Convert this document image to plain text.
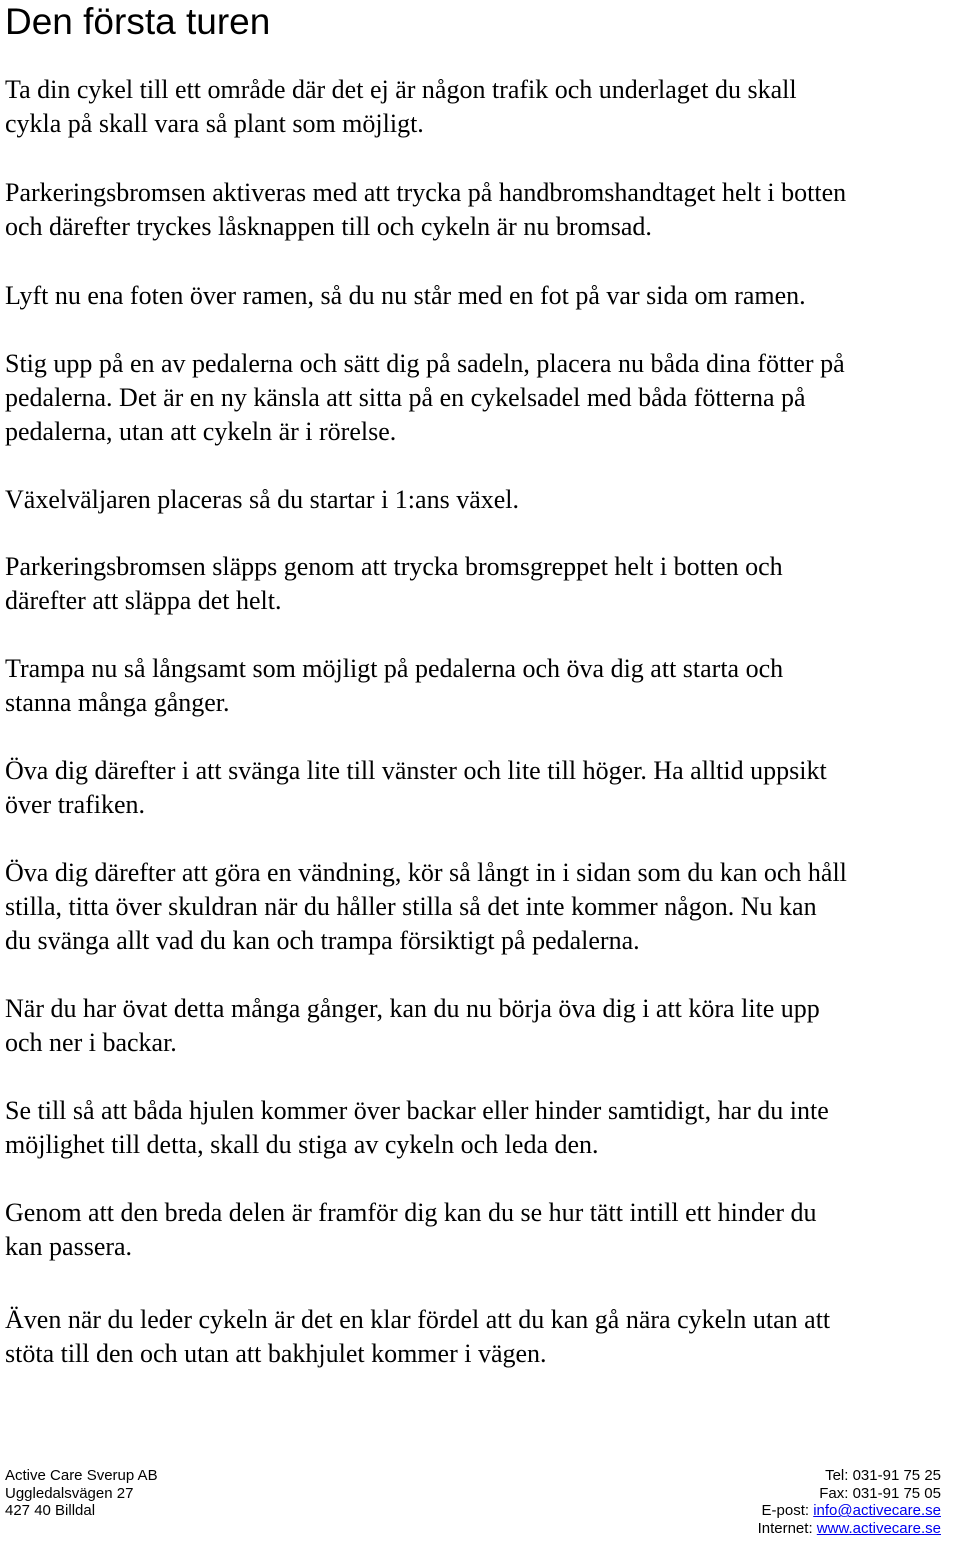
Den första turen

Ta din cykel till ett område där det ej är någon trafik och underlaget du skall
cykla på skall vara så plant som möjligt.

Parkeringsbromsen aktiveras med att trycka på handbromshandtaget helt i botten
och därefter tryckes låsknappen till och cykeln är nu bromsad.

Lyft nu ena foten över ramen, så du nu står med en fot på var sida om ramen.

Stig upp på en av pedalerna och sätt dig på sadeln, placera nu båda dina fötter på
pedalerna. Det är en ny känsla att sitta på en cykelsadel med båda fötterna på
pedalerna, utan att cykeln är i rörelse.

Växelväljaren placeras så du startar i 1:ans växel.

Parkeringsbromsen släpps genom att trycka bromsgreppet helt i botten och
därefter att släppa det helt.

Trampa nu så långsamt som möjligt på pedalerna och öva dig att starta och
stanna många gånger.

Öva dig därefter i att svänga lite till vänster och lite till höger. Ha alltid uppsikt
över trafiken.

Öva dig därefter att göra en vändning, kör så långt in i sidan som du kan och håll
stilla, titta över skuldran när du håller stilla så det inte kommer någon. Nu kan
du svänga allt vad du kan och trampa försiktigt på pedalerna.

När du har övat detta många gånger, kan du nu börja öva dig i att köra lite upp
och ner i backar.

Se till så att båda hjulen kommer över backar eller hinder samtidigt, har du inte
möjlighet till detta, skall du stiga av cykeln och leda den.

Genom att den breda delen är framför dig kan du se hur tätt intill ett hinder du
kan passera.

Även när du leder cykeln är det en klar fördel att du kan gå nära cykeln utan att
stöta till den och utan att bakhjulet kommer i vägen.

Active Care Sverup AB
Uggledalsvägen 27
427 40 Billdal
Tel: 031-91 75 25
Fax: 031-91 75 05
E-post: info@activecare.se
Internet: www.activecare.se
